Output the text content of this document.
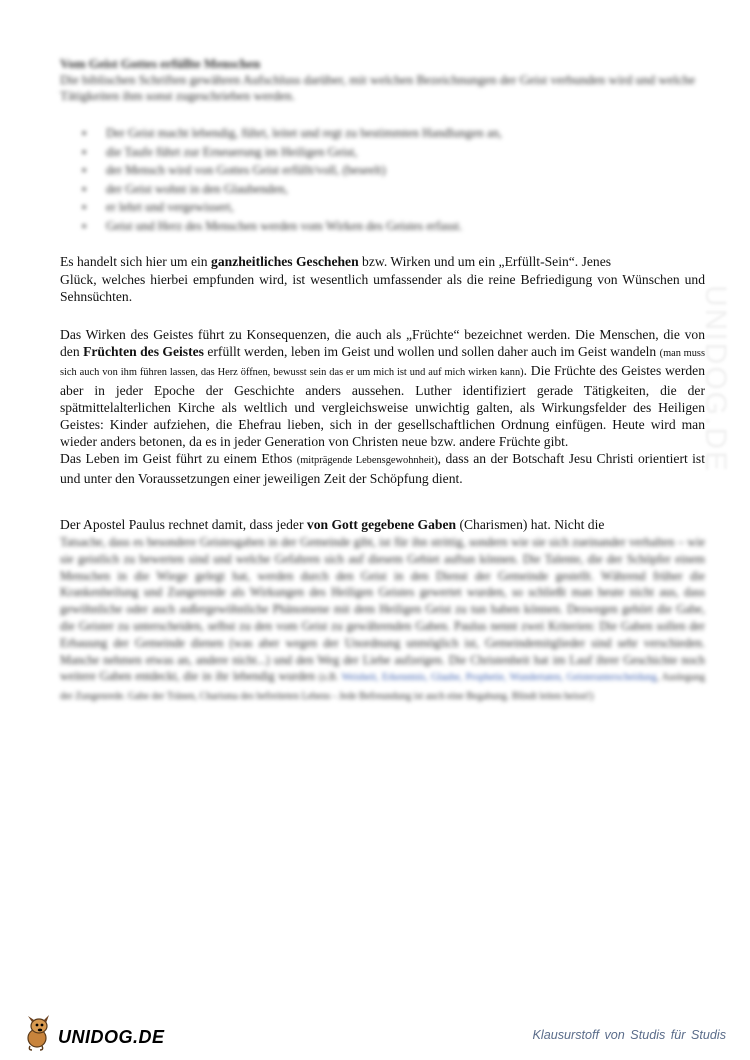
Vom Geist Gottes erfüllte Menschen
Die biblischen Schriften gewähren Aufschluss darüber, mit welchen Bezeichnungen der Geist verbunden wird und welche Tätigkeiten ihm sonst zugeschrieben werden.
▪ Der Geist macht lebendig, führt, leitet und regt zu bestimmten Handlungen an,
▪ die Taufe führt zur Erneuerung im Heiligen Geist,
▪ der Mensch wird von Gottes Geist erfüllt/voll, (beseelt)
▪ der Geist wohnt in den Glaubenden,
▪ er lehrt und vergewissert,
▪ Geist und Herz des Menschen werden vom Wirken des Geistes erfasst.
Es handelt sich hier um ein ganzheitliches Geschehen bzw. Wirken und um ein „Erfüllt-Sein“. Jenes
Glück, welches hierbei empfunden wird, ist wesentlich umfassender als die reine Befriedigung von Wünschen und Sehnsüchten.
Das Wirken des Geistes führt zu Konsequenzen, die auch als „Früchte“ bezeichnet werden. Die Menschen, die von den Früchten des Geistes erfüllt werden, leben im Geist und wollen und sollen daher auch im Geist wandeln (man muss sich auch von ihm führen lassen, das Herz öffnen, bewusst sein das er um mich ist und auf mich wirken kann). Die Früchte des Geistes werden aber in jeder Epoche der Geschichte anders aussehen. Luther identifiziert gerade Tätigkeiten, die der spätmittelalterlichen Kirche als weltlich und vergleichsweise unwichtig galten, als Wirkungsfelder des Heiligen Geistes: Kinder aufziehen, die Ehefrau lieben, sich in der gesellschaftlichen Ordnung einfügen. Heute wird man wieder anders betonen, da es in jeder Generation von Christen neue bzw. andere Früchte gibt.
Das Leben im Geist führt zu einem Ethos (mitprägende Lebensgewohnheit), dass an der Botschaft Jesu Christi orientiert ist und unter den Voraussetzungen einer jeweiligen Zeit der Schöpfung dient.
Der Apostel Paulus rechnet damit, dass jeder von Gott gegebene Gaben (Charismen) hat. Nicht die
Tatsache, dass es besondere Geistesgaben in der Gemeinde gibt, ist für ihn strittig, sondern wie sie sich zueinander verhalten – wie sie geistlich zu bewerten sind und welche Gefahren sich auf diesem Gebiet auftun können. Die Talente, die der Schöpfer einem Menschen in die Wiege gelegt hat, werden durch den Geist in den Dienst der Gemeinde gestellt. Während früher die Krankenheilung und Zungenrede als Wirkungen des Heiligen Geistes gewertet wurden, so schließt man heute nicht aus, dass gewöhnliche oder auch außergewöhnliche Phänomene mit dem Heiligen Geist zu tun haben können. Deswegen gehört die Gabe, die Geister zu unterscheiden, selbst zu den vom Geist zu gewährenden Gaben. Paulus nennt zwei Kriterien: Die Gaben sollen der Erbauung der Gemeinde dienen (was aber wegen der Unordnung unmöglich ist, Gemeindemitglieder sind sehr verschieden. Manche nehmen etwas an, andere nicht...) und den Weg der Liebe aufzeigen. Die Christenheit hat im Lauf ihrer Geschichte noch weitere Gaben entdeckt, die in ihr lebendig wurden (z.B. Weisheit, Erkenntnis, Glaube, Prophetie, Wundertaten, Geisterunterscheidung, Auslegung der Zungenrede. Gabe der Tränen, Charisma des befreiteten Lebens - Jede Befreundung ist auch eine Begabung. Blindt leiten heisst!)
UNIDOG.DE
UNIDOG.DE	Klausurstoff von Studis für Studis
